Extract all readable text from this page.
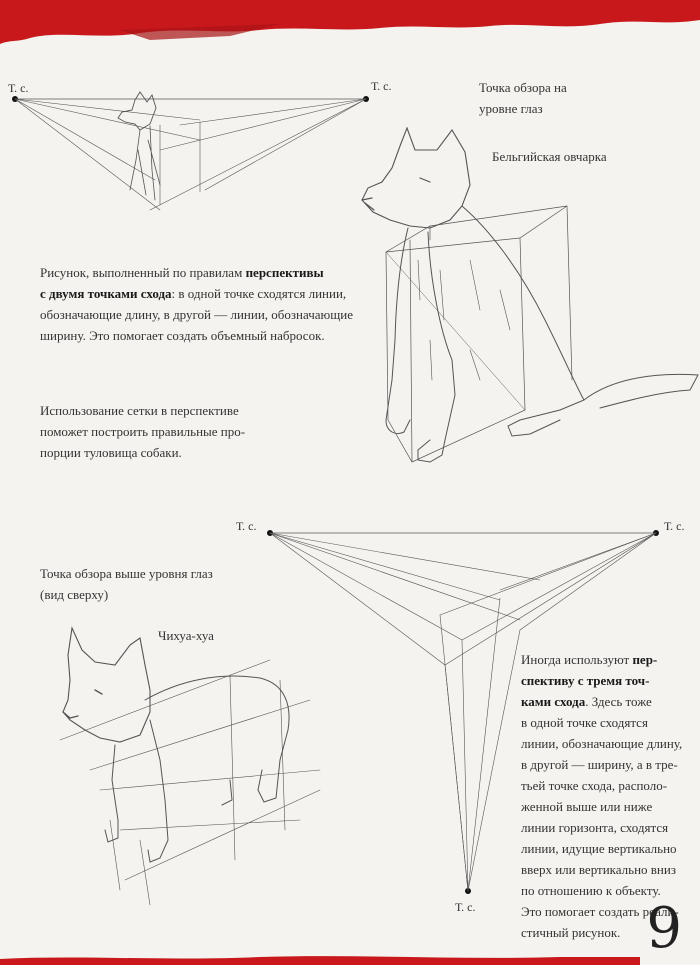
Т. с.	Т. с.
Т. с.	Т. с.
Т. с.
Точка обзора на
уровне глаз
Бельгийская овчарка
Рисунок, выполненный по правилам перспективы
с двумя точками схода: в одной точке сходятся линии,
обозначающие длину, в другой — линии, обозначающие
ширину. Это помогает создать объемный набросок.
Использование сетки в перспективе
поможет построить правильные про-
порции туловища собаки.
Точка обзора выше уровня глаз
(вид сверху)
Чихуа-хуа
Иногда используют пер-
спективу с тремя точ-
ками схода. Здесь тоже
в одной точке сходятся
линии, обозначающие длину,
в другой — ширину, а в тре-
тьей точке схода, располо-
женной выше или ниже
линии горизонта, сходятся
линии, идущие вертикально
вверх или вертикально вниз
по отношению к объекту.
Это помогает создать реали-
стичный рисунок. 9
